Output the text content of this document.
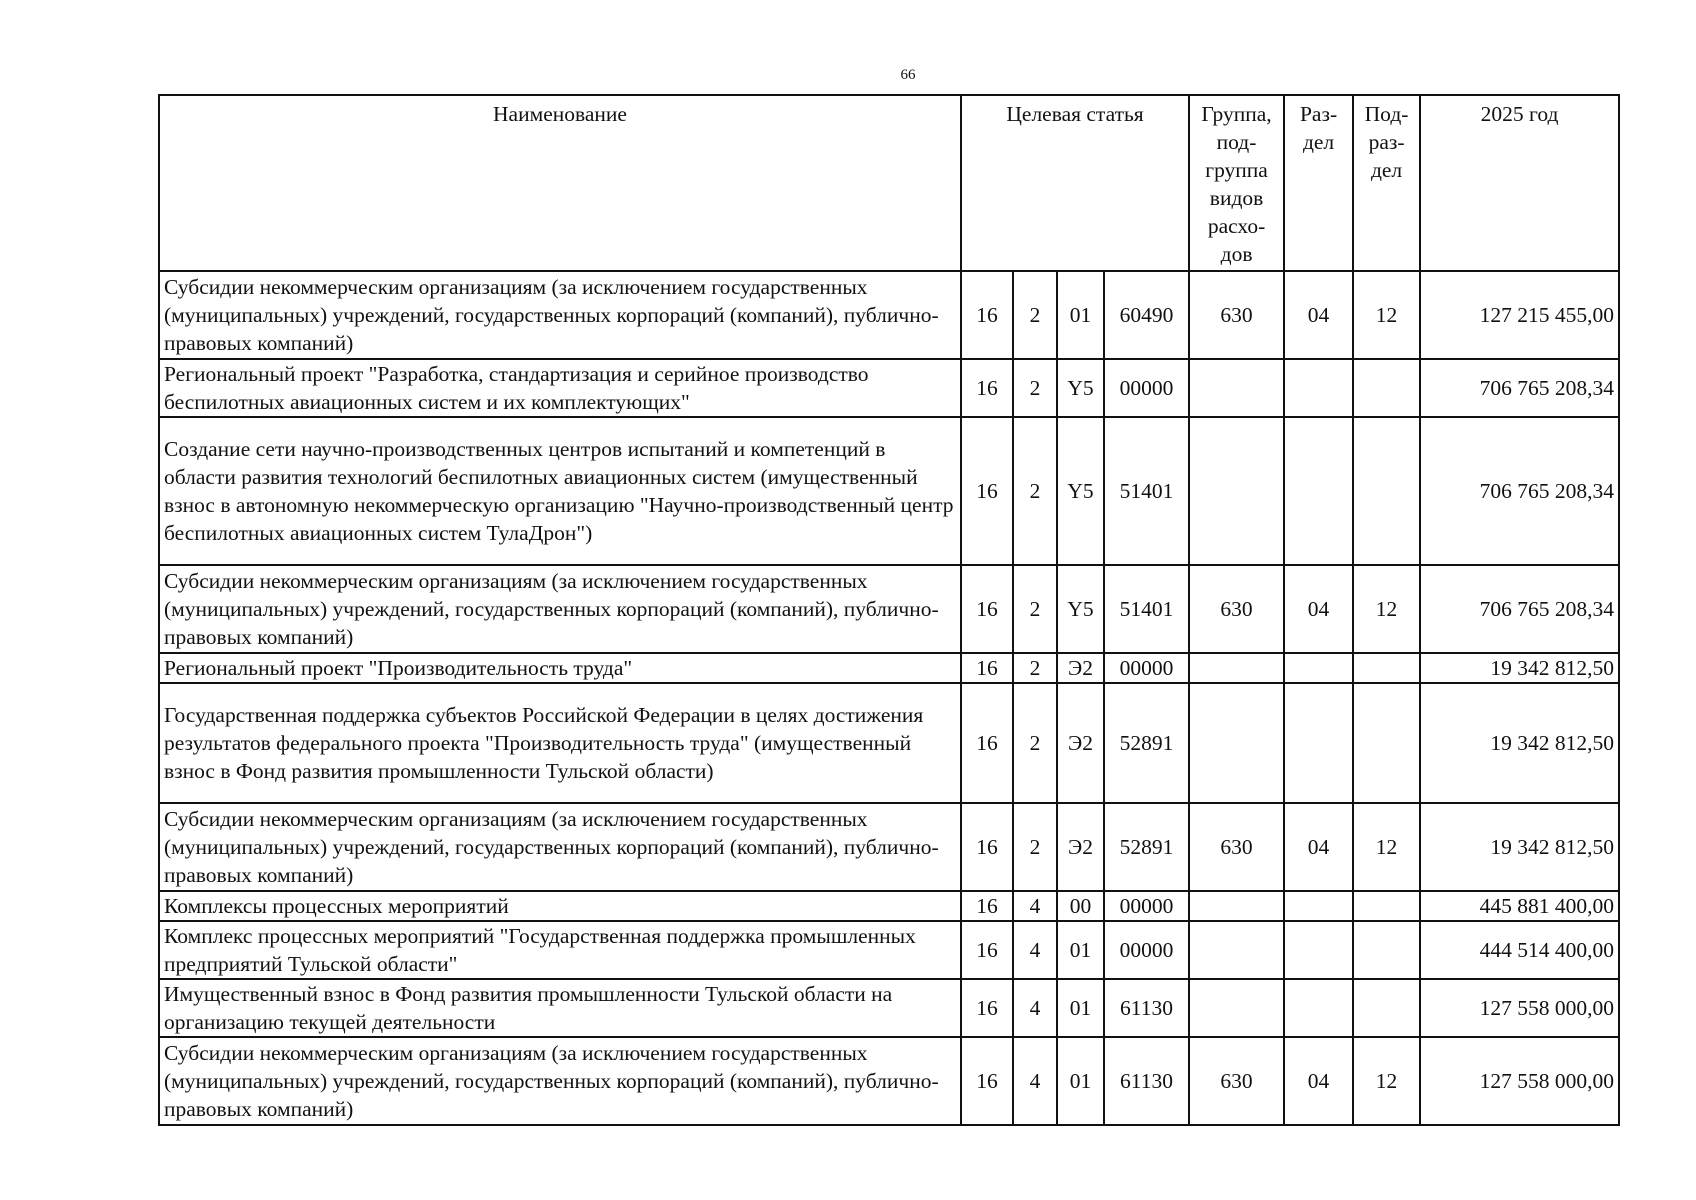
66
Наименование	Целевая статья				Группа, под-группа видов расхо-дов	Раз-дел	Под-раз-дел	2025 год
Субсидии некоммерческим организациям (за исключением государственных (муниципальных) учреждений, государственных корпораций (компаний), публично-правовых компаний)	16	2	01	60490	630	04	12	127 215 455,00
Региональный проект "Разработка, стандартизация и серийное производство беспилотных авиационных систем и их комплектующих"	16	2	Y5	00000				706 765 208,34
Создание сети научно-производственных центров испытаний и компетенций в области развития технологий беспилотных авиационных систем (имущественный взнос в автономную некоммерческую организацию "Научно-производственный центр беспилотных авиационных систем ТулаДрон")	16	2	Y5	51401				706 765 208,34
Субсидии некоммерческим организациям (за исключением государственных (муниципальных) учреждений, государственных корпораций (компаний), публично-правовых компаний)	16	2	Y5	51401	630	04	12	706 765 208,34
Региональный проект "Производительность труда"	16	2	Э2	00000				19 342 812,50
Государственная поддержка субъектов Российской Федерации в целях достижения результатов федерального проекта "Производительность труда" (имущественный взнос в Фонд развития промышленности Тульской области)	16	2	Э2	52891				19 342 812,50
Субсидии некоммерческим организациям (за исключением государственных (муниципальных) учреждений, государственных корпораций (компаний), публично-правовых компаний)	16	2	Э2	52891	630	04	12	19 342 812,50
Комплексы процессных мероприятий	16	4	00	00000				445 881 400,00
Комплекс процессных мероприятий "Государственная поддержка промышленных предприятий Тульской области"	16	4	01	00000				444 514 400,00
Имущественный взнос в Фонд развития промышленности Тульской области на организацию текущей деятельности	16	4	01	61130				127 558 000,00
Субсидии некоммерческим организациям (за исключением государственных (муниципальных) учреждений, государственных корпораций (компаний), публично-правовых компаний)	16	4	01	61130	630	04	12	127 558 000,00
